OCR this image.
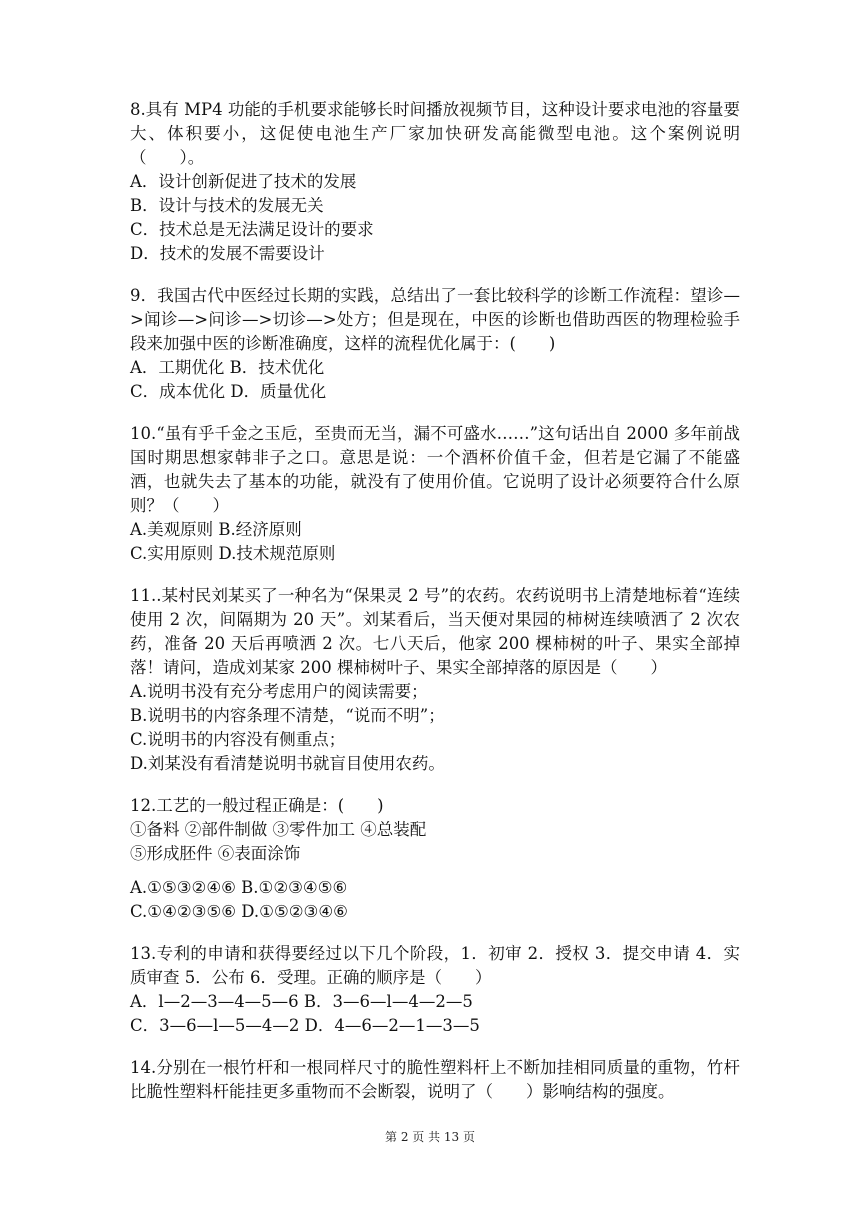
8.具有 MP4 功能的手机要求能够长时间播放视频节目，这种设计要求电池的容量要大、体积要小，这促使电池生产厂家加快研发高能微型电池。这个案例说明（　　）。
A．设计创新促进了技术的发展
B．设计与技术的发展无关
C．技术总是无法满足设计的要求
D．技术的发展不需要设计
9．我国古代中医经过长期的实践，总结出了一套比较科学的诊断工作流程：望诊—>闻诊—>问诊—>切诊—>处方；但是现在，中医的诊断也借助西医的物理检验手段来加强中医的诊断准确度，这样的流程优化属于：(　　)
A．工期优化 B．技术优化
C．成本优化 D．质量优化
10.“虽有乎千金之玉卮，至贵而无当，漏不可盛水……”这句话出自 2000 多年前战国时期思想家韩非子之口。意思是说：一个酒杯价值千金，但若是它漏了不能盛酒，也就失去了基本的功能，就没有了使用价值。它说明了设计必须要符合什么原则？（　　）
A.美观原则 B.经济原则
C.实用原则 D.技术规范原则
11..某村民刘某买了一种名为“保果灵 2 号”的农药。农药说明书上清楚地标着“连续使用 2 次，间隔期为 20 天”。刘某看后，当天便对果园的柿树连续喷洒了 2 次农药，准备 20 天后再喷洒 2 次。七八天后，他家 200 棵柿树的叶子、果实全部掉落！请问，造成刘某家 200 棵柿树叶子、果实全部掉落的原因是（　　）
A.说明书没有充分考虑用户的阅读需要；
B.说明书的内容条理不清楚，“说而不明”；
C.说明书的内容没有侧重点；
D.刘某没有看清楚说明书就盲目使用农药。
12.工艺的一般过程正确是：(　　)
①备料 ②部件制做 ③零件加工 ④总装配
⑤形成胚件 ⑥表面涂饰
A.①⑤③②④⑥ B.①②③④⑤⑥
C.①④②③⑤⑥ D.①⑤②③④⑥
13.专利的申请和获得要经过以下几个阶段，1．初审 2．授权 3．提交申请 4．实质审查 5．公布 6．受理。正确的顺序是（　　）
A．l—2—3—4—5—6 B．3—6—l—4—2—5
C．3—6—l—5—4—2 D．4—6—2—1—3—5
14.分别在一根竹杆和一根同样尺寸的脆性塑料杆上不断加挂相同质量的重物，竹杆比脆性塑料杆能挂更多重物而不会断裂，说明了（　　）影响结构的强度。
第 2 页 共 13 页
